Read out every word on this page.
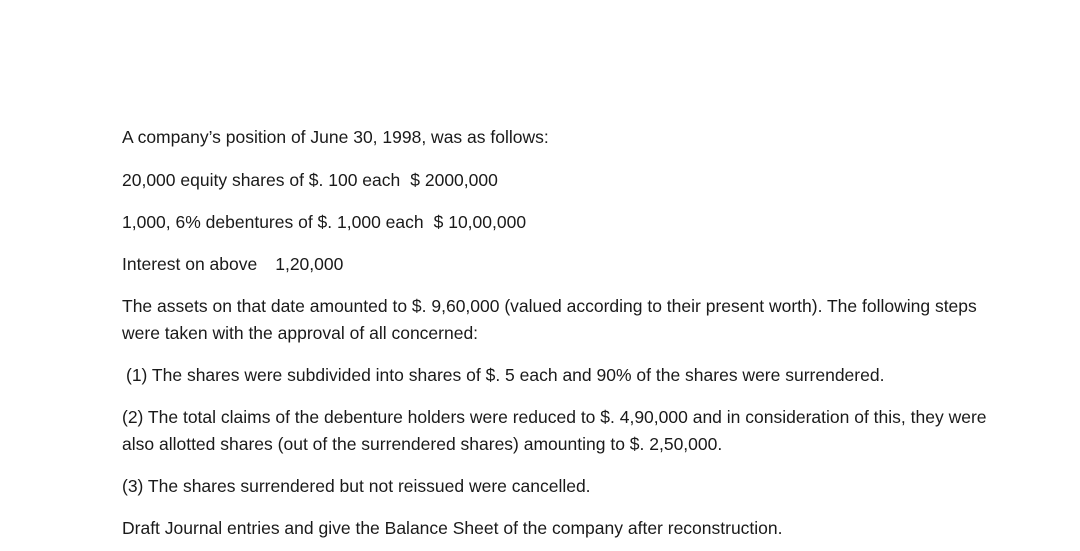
A company’s position of June 30, 1998, was as follows:
20,000 equity shares of $. 100 each $ 2000,000
1,000, 6% debentures of $. 1,000 each $ 10,00,000
Interest on above 1,20,000
The assets on that date amounted to $. 9,60,000 (valued according to their present worth). The following steps were taken with the approval of all concerned:
(1) The shares were subdivided into shares of $. 5 each and 90% of the shares were surrendered.
(2) The total claims of the debenture holders were reduced to $. 4,90,000 and in consideration of this, they were also allotted shares (out of the surrendered shares) amounting to $. 2,50,000.
(3) The shares surrendered but not reissued were cancelled.
Draft Journal entries and give the Balance Sheet of the company after reconstruction.
